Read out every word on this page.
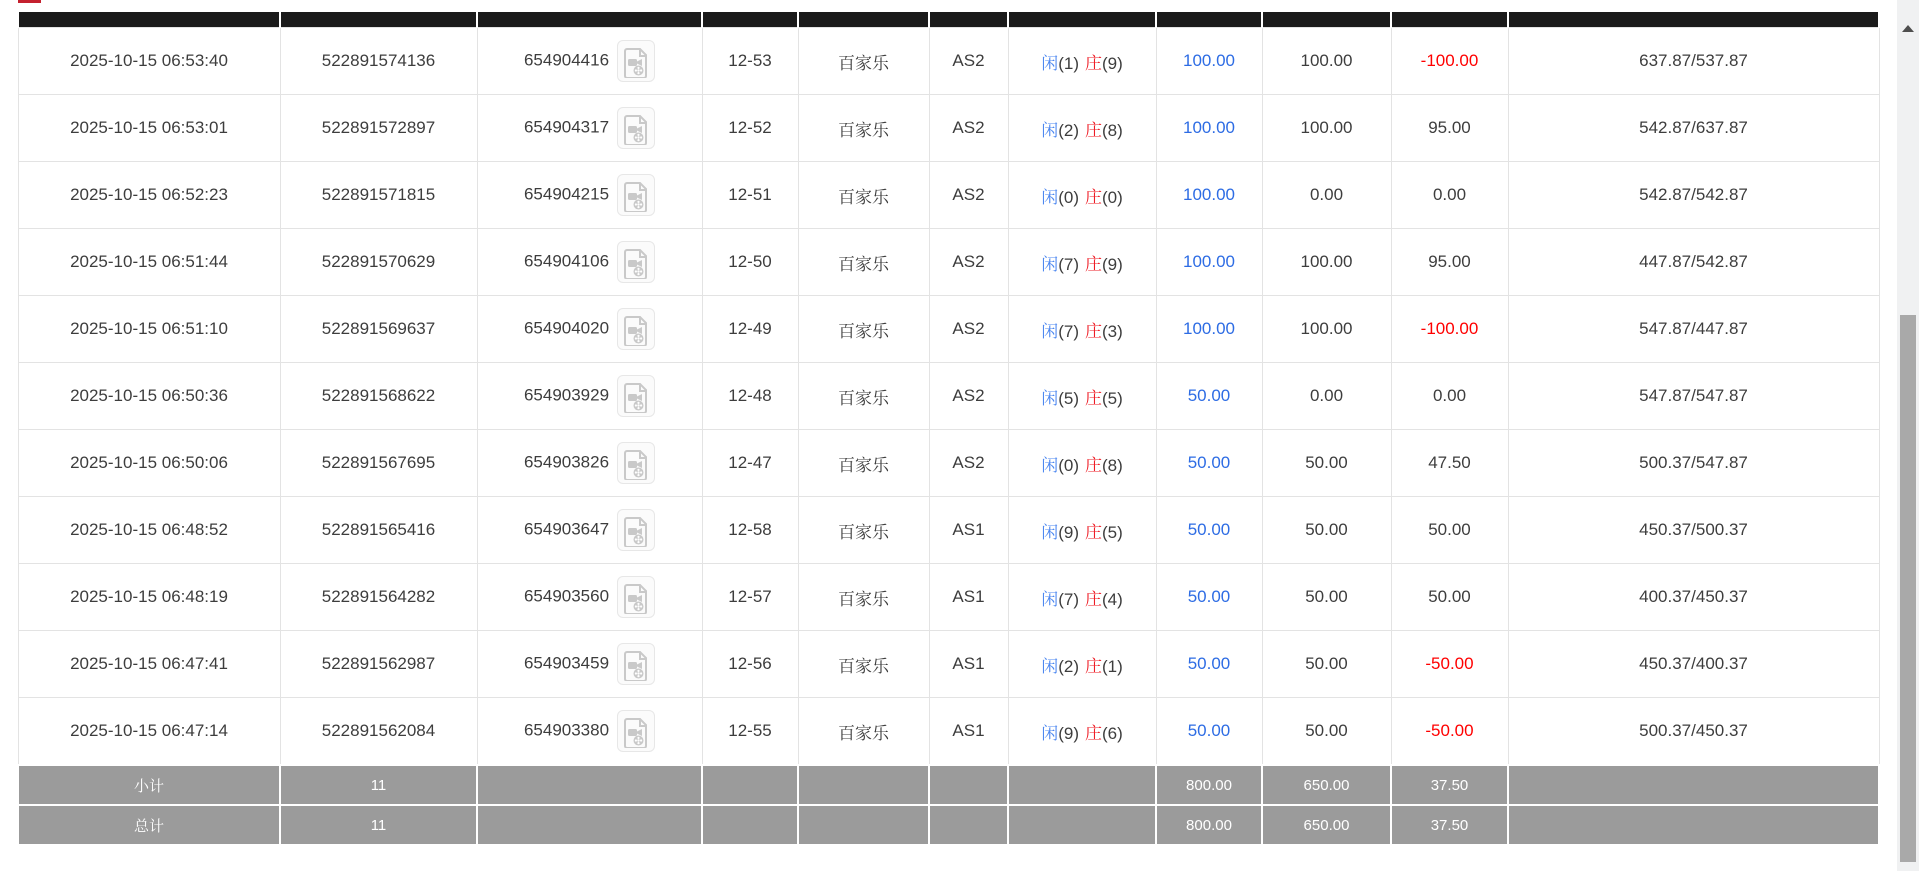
2025-10-15 06:53:40	522891574136	654904416	12-53	百家乐	AS2	闲(1) 庄(9)	100.00	100.00	-100.00	637.87/537.87
2025-10-15 06:53:01	522891572897	654904317	12-52	百家乐	AS2	闲(2) 庄(8)	100.00	100.00	95.00	542.87/637.87
2025-10-15 06:52:23	522891571815	654904215	12-51	百家乐	AS2	闲(0) 庄(0)	100.00	0.00	0.00	542.87/542.87
2025-10-15 06:51:44	522891570629	654904106	12-50	百家乐	AS2	闲(7) 庄(9)	100.00	100.00	95.00	447.87/542.87
2025-10-15 06:51:10	522891569637	654904020	12-49	百家乐	AS2	闲(7) 庄(3)	100.00	100.00	-100.00	547.87/447.87
2025-10-15 06:50:36	522891568622	654903929	12-48	百家乐	AS2	闲(5) 庄(5)	50.00	0.00	0.00	547.87/547.87
2025-10-15 06:50:06	522891567695	654903826	12-47	百家乐	AS2	闲(0) 庄(8)	50.00	50.00	47.50	500.37/547.87
2025-10-15 06:48:52	522891565416	654903647	12-58	百家乐	AS1	闲(9) 庄(5)	50.00	50.00	50.00	450.37/500.37
2025-10-15 06:48:19	522891564282	654903560	12-57	百家乐	AS1	闲(7) 庄(4)	50.00	50.00	50.00	400.37/450.37
2025-10-15 06:47:41	522891562987	654903459	12-56	百家乐	AS1	闲(2) 庄(1)	50.00	50.00	-50.00	450.37/400.37
2025-10-15 06:47:14	522891562084	654903380	12-55	百家乐	AS1	闲(9) 庄(6)	50.00	50.00	-50.00	500.37/450.37
小计	11						800.00	650.00	37.50	
总计	11						800.00	650.00	37.50	
